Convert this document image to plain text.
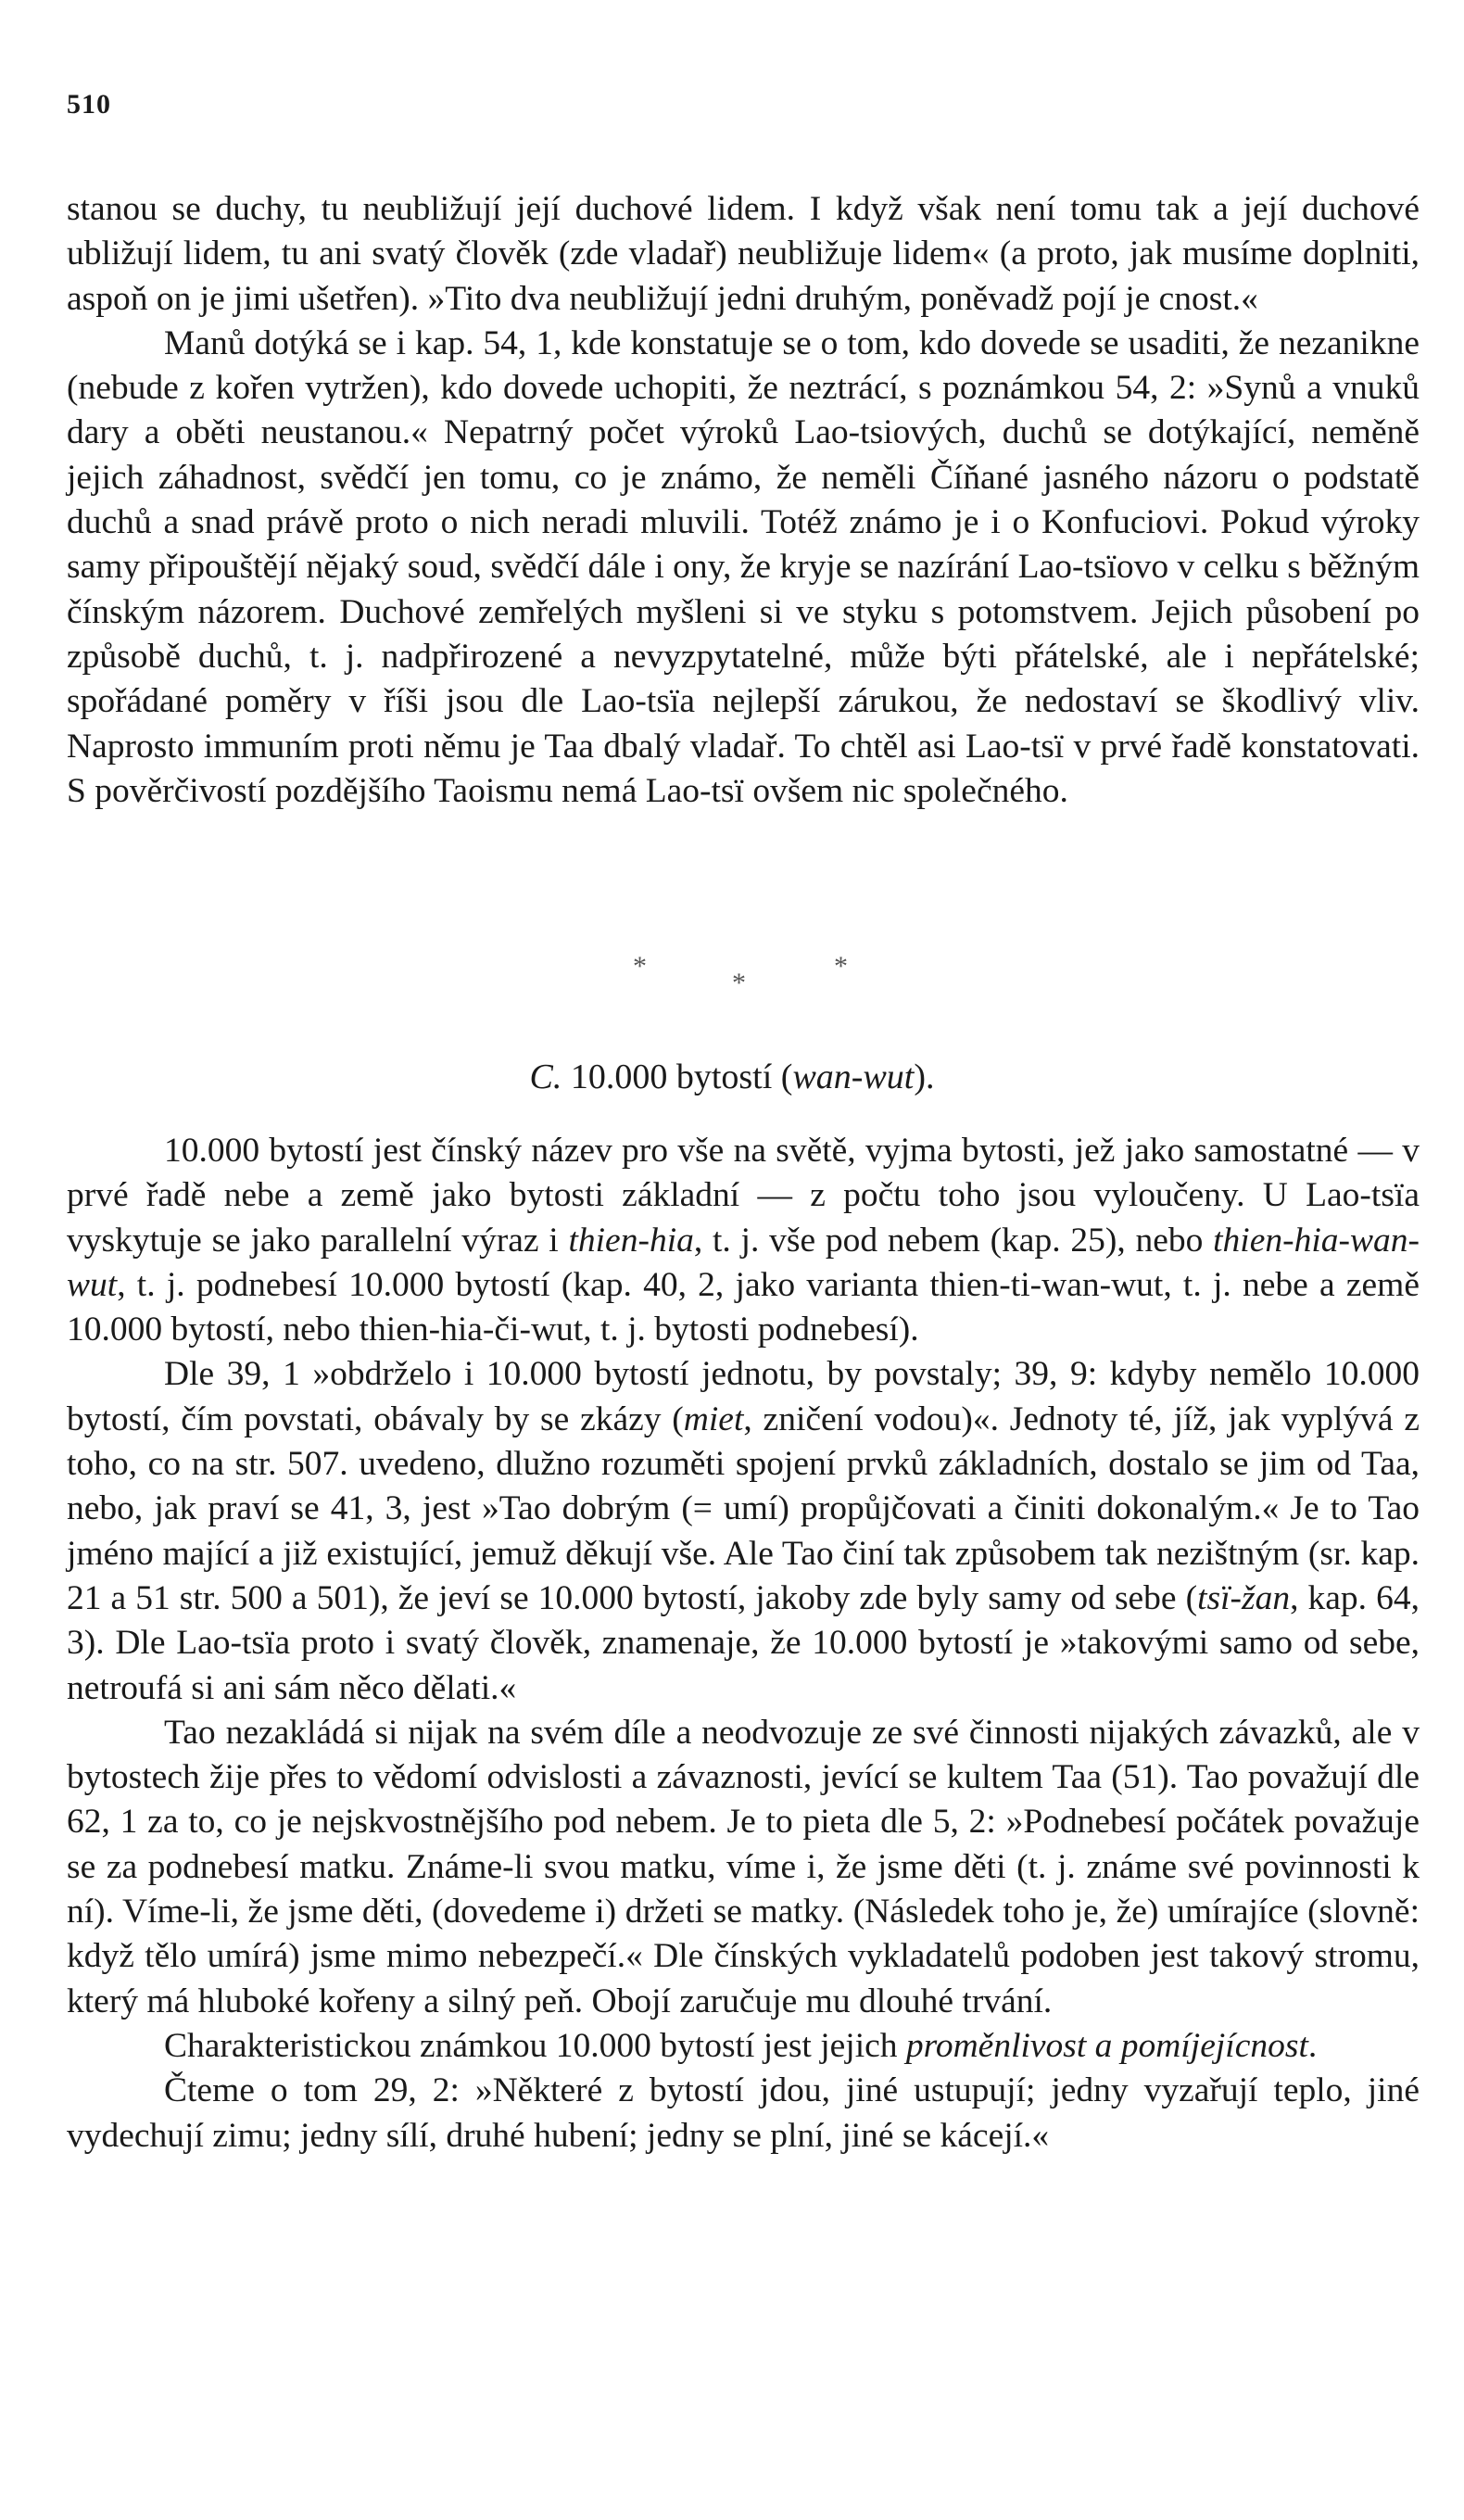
510

stanou se duchy, tu neubližují její duchové lidem. I když však není tomu tak a její duchové ubližují lidem, tu ani svatý člověk (zde vladař) neubližuje lidem« (a proto, jak musíme doplniti, aspoň on je jimi ušetřen). »Tito dva neubližují jedni druhým, poněvadž pojí je cnost.«

Manů dotýká se i kap. 54, 1, kde konstatuje se o tom, kdo dovede se usaditi, že nezanikne (nebude z kořen vytržen), kdo dovede uchopiti, že neztrácí, s poznámkou 54, 2: »Synů a vnuků dary a oběti neustanou.« Nepatrný počet výroků Lao-tsiových, duchů se dotýkající, neměně jejich záhadnost, svědčí jen tomu, co je známo, že neměli Číňané jasného názoru o podstatě duchů a snad právě proto o nich neradi mluvili. Totéž známo je i o Konfuciovi. Pokud výroky samy připouštějí nějaký soud, svědčí dále i ony, že kryje se nazírání Lao-tsïovo v celku s běžným čínským názorem. Duchové zemřelých myšleni si ve styku s potomstvem. Jejich působení po způsobě duchů, t. j. nadpřirozené a nevyzpytatelné, může býti přátelské, ale i nepřátelské; spořádané poměry v říši jsou dle Lao-tsïa nejlepší zárukou, že nedostaví se škodlivý vliv. Naprosto immuním proti němu je Taa dbalý vladař. To chtěl asi Lao-tsï v prvé řadě konstatovati. S pověrčivostí pozdějšího Taoismu nemá Lao-tsï ovšem nic společného.

*
*
*
C. 10.000 bytostí (wan-wut).

10.000 bytostí jest čínský název pro vše na světě, vyjma bytosti, jež jako samostatné — v prvé řadě nebe a země jako bytosti základní — z počtu toho jsou vyloučeny. U Lao-tsïa vyskytuje se jako parallelní výraz i thien-hia, t. j. vše pod nebem (kap. 25), nebo thien-hia-wan-wut, t. j. podnebesí 10.000 bytostí (kap. 40, 2, jako varianta thien-ti-wan-wut, t. j. nebe a země 10.000 bytostí, nebo thien-hia-či-wut, t. j. bytosti podnebesí).

Dle 39, 1 »obdrželo i 10.000 bytostí jednotu, by povstaly; 39, 9: kdyby nemělo 10.000 bytostí, čím povstati, obávaly by se zkázy (miet, zničení vodou)«. Jednoty té, jíž, jak vyplývá z toho, co na str. 507. uvedeno, dlužno rozuměti spojení prvků základních, dostalo se jim od Taa, nebo, jak praví se 41, 3, jest »Tao dobrým (= umí) propůjčovati a činiti dokonalým.« Je to Tao jméno mající a již existující, jemuž děkují vše. Ale Tao činí tak způsobem tak nezištným (sr. kap. 21 a 51 str. 500 a 501), že jeví se 10.000 bytostí, jakoby zde byly samy od sebe (tsï-žan, kap. 64, 3). Dle Lao-tsïa proto i svatý člověk, znamenaje, že 10.000 bytostí je »takovými samo od sebe, netroufá si ani sám něco dělati.«

Tao nezakládá si nijak na svém díle a neodvozuje ze své činnosti nijakých závazků, ale v bytostech žije přes to vědomí odvislosti a závaznosti, jevící se kultem Taa (51). Tao považují dle 62, 1 za to, co je nejskvostnějšího pod nebem. Je to pieta dle 5, 2: »Podnebesí počátek považuje se za podnebesí matku. Známe-li svou matku, víme i, že jsme děti (t. j. známe své povinnosti k ní). Víme-li, že jsme děti, (dovedeme i) držeti se matky. (Následek toho je, že) umírajíce (slovně: když tělo umírá) jsme mimo nebezpečí.« Dle čínských vykladatelů podoben jest takový stromu, který má hluboké kořeny a silný peň. Obojí zaručuje mu dlouhé trvání.

Charakteristickou známkou 10.000 bytostí jest jejich proměnlivost a pomíjejícnost.

Čteme o tom 29, 2: »Některé z bytostí jdou, jiné ustupují; jedny vyzařují teplo, jiné vydechují zimu; jedny sílí, druhé hubení; jedny se plní, jiné se kácejí.«
